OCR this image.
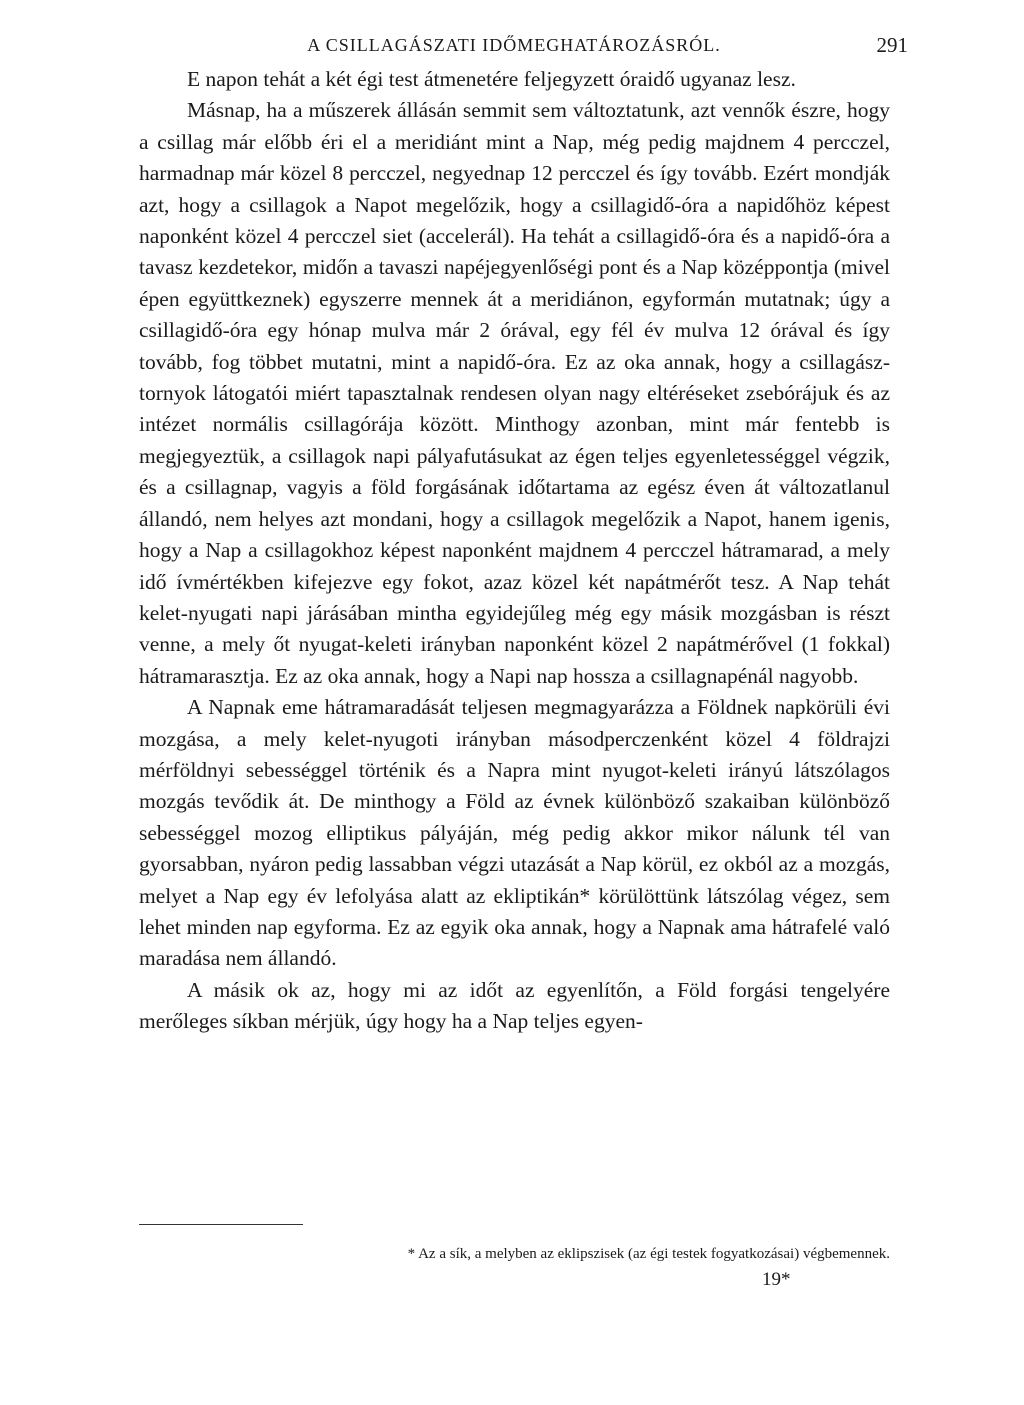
A CSILLAGÁSZATI IDŐMEGHATÁROZÁSRÓL.	291

E napon tehát a két égi test átmenetére feljegyzett óraidő ugyanaz lesz.

Másnap, ha a műszerek állásán semmit sem változtatunk, azt vennők észre, hogy a csillag már előbb éri el a meridiánt mint a Nap, még pedig majdnem 4 percczel, harmadnap már közel 8 percczel, negyednap 12 percczel és így tovább. Ezért mondják azt, hogy a csillagok a Napot megelőzik, hogy a csillagidő-óra a napidőhöz képest naponként közel 4 percczel siet (accelerál). Ha tehát a csillagidő-óra és a napidő-óra a tavasz kezdetekor, midőn a tavaszi napéjegyenlőségi pont és a Nap középpontja (mivel épen együttkeznek) egyszerre mennek át a meridiánon, egyformán mutatnak; úgy a csillagidő-óra egy hónap mulva már 2 órával, egy fél év mulva 12 órával és így tovább, fog többet mutatni, mint a napidő-óra. Ez az oka annak, hogy a csillagász-tornyok látogatói miért tapasztalnak rendesen olyan nagy eltéréseket zsebórájuk és az intézet normális csillagórája között. Minthogy azonban, mint már fentebb is megjegyeztük, a csillagok napi pályafutásukat az égen teljes egyenletességgel végzik, és a csillagnap, vagyis a föld forgásának időtartama az egész éven át változatlanul állandó, nem helyes azt mondani, hogy a csillagok megelőzik a Napot, hanem igenis, hogy a Nap a csillagokhoz képest naponként majdnem 4 percczel hátramarad, a mely idő ívmértékben kifejezve egy fokot, azaz közel két napátmérőt tesz. A Nap tehát kelet-nyugati napi járásában mintha egyidejűleg még egy másik mozgásban is részt venne, a mely őt nyugat-keleti irányban naponként közel 2 napátmérővel (1 fokkal) hátramarasztja. Ez az oka annak, hogy a Napi nap hossza a csillagnapénál nagyobb.

A Napnak eme hátramaradását teljesen megmagyarázza a Földnek napkörüli évi mozgása, a mely kelet-nyugoti irányban másodperczenként közel 4 földrajzi mérföldnyi sebességgel történik és a Napra mint nyugot-keleti irányú látszólagos mozgás tevődik át. De minthogy a Föld az évnek különböző szakaiban különböző sebességgel mozog elliptikus pályáján, még pedig akkor mikor nálunk tél van gyorsabban, nyáron pedig lassabban végzi utazását a Nap körül, ez okból az a mozgás, melyet a Nap egy év lefolyása alatt az ekliptikán* körülöttünk látszólag végez, sem lehet minden nap egyforma. Ez az egyik oka annak, hogy a Napnak ama hátrafelé való maradása nem állandó.

A másik ok az, hogy mi az időt az egyenlítőn, a Föld forgási tengelyére merőleges síkban mérjük, úgy hogy ha a Nap teljes egyen-

* Az a sík, a melyben az eklipszisek (az égi testek fogyatkozásai) végbemennek.
19*
